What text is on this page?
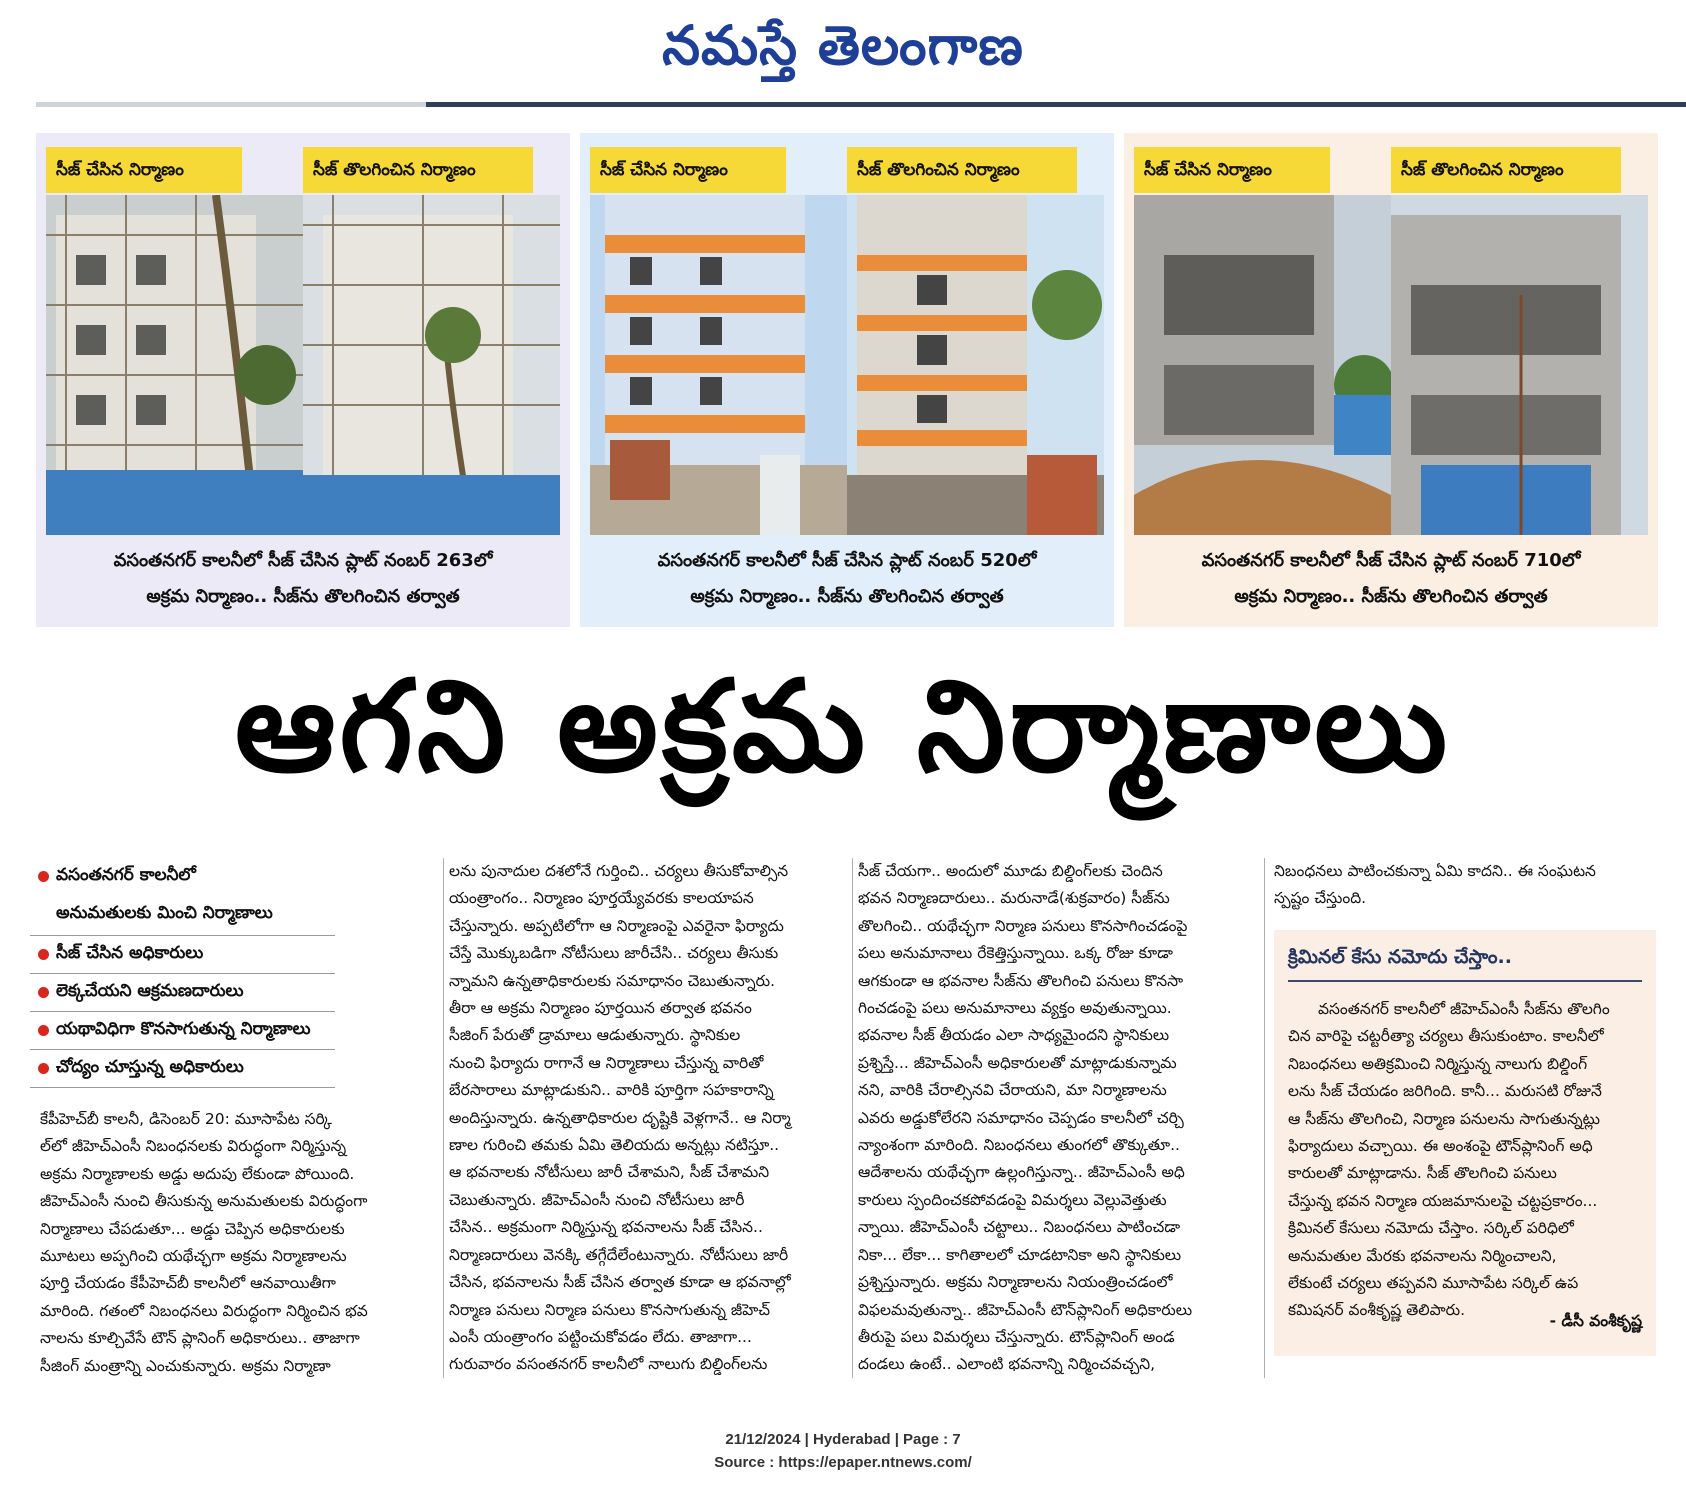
నమస్తే తెలంగాణ
సీజ్ చేసిన నిర్మాణం	సీజ్ తొలగించిన నిర్మాణం
వసంతనగర్ కాలనీలో సీజ్ చేసిన ప్లాట్ నంబర్ 263లో
అక్రమ నిర్మాణం.. సీజ్‌ను తొలగించిన తర్వాత
సీజ్ చేసిన నిర్మాణం	సీజ్ తొలగించిన నిర్మాణం
వసంతనగర్ కాలనీలో సీజ్ చేసిన ప్లాట్ నంబర్ 520లో
అక్రమ నిర్మాణం.. సీజ్‌ను తొలగించిన తర్వాత
సీజ్ చేసిన నిర్మాణం	సీజ్ తొలగించిన నిర్మాణం
వసంతనగర్ కాలనీలో సీజ్ చేసిన ప్లాట్ నంబర్ 710లో
అక్రమ నిర్మాణం.. సీజ్‌ను తొలగించిన తర్వాత
ఆగని అక్రమ నిర్మాణాలు
వసంతనగర్ కాలనీలో
అనుమతులకు మించి నిర్మాణాలు
సీజ్ చేసిన అధికారులు
లెక్కచేయని ఆక్రమణదారులు
యథావిధిగా కొనసాగుతున్న నిర్మాణాలు
చోద్యం చూస్తున్న అధికారులు
కేపీహెచ్‌బీ కాలనీ, డిసెంబర్ 20: మూసాపేట సర్కి
ల్‌లో జీహెచ్ఎంసీ నిబంధనలకు విరుద్ధంగా నిర్మిస్తున్న
అక్రమ నిర్మాణాలకు అడ్డు అదుపు లేకుండా పోయింది.
జీహెచ్ఎంసీ నుంచి తీసుకున్న అనుమతులకు విరుద్ధంగా
నిర్మాణాలు చేపడుతూ... అడ్డు చెప్పిన అధికారులకు
మూటలు అప్పగించి యథేచ్ఛగా అక్రమ నిర్మాణాలను
పూర్తి చేయడం కేపీహెచ్‌బీ కాలనీలో ఆనవాయితీగా
మారింది. గతంలో నిబంధనలు విరుద్ధంగా నిర్మించిన భవ
నాలను కూల్చివేసే టౌన్ ప్లానింగ్ అధికారులు.. తాజాగా
సీజింగ్ మంత్రాన్ని ఎంచుకున్నారు. అక్రమ నిర్మాణా
లను పునాదుల దశలోనే గుర్తించి.. చర్యలు తీసుకోవాల్సిన
యంత్రాంగం.. నిర్మాణం పూర్తయ్యేవరకు కాలయాపన
చేస్తున్నారు. అప్పటిలోగా ఆ నిర్మాణంపై ఎవరైనా ఫిర్యాదు
చేస్తే మొక్కుబడిగా నోటీసులు జారీచేసి.. చర్యలు తీసుకు
న్నామని ఉన్నతాధికారులకు సమాధానం చెబుతున్నారు.
తీరా ఆ అక్రమ నిర్మాణం పూర్తయిన తర్వాత భవనం
సీజింగ్ పేరుతో డ్రామాలు ఆడుతున్నారు. స్థానికుల
నుంచి ఫిర్యాదు రాగానే ఆ నిర్మాణాలు చేస్తున్న వారితో
బేరసారాలు మాట్లాడుకుని.. వారికి పూర్తిగా సహకారాన్ని
అందిస్తున్నారు. ఉన్నతాధికారుల దృష్టికి వెళ్లగానే.. ఆ నిర్మా
ణాల గురించి తమకు ఏమి తెలియదు అన్నట్లు నటిస్తూ..
ఆ భవనాలకు నోటీసులు జారీ చేశామని, సీజ్ చేశామని
చెబుతున్నారు. జీహెచ్ఎంసీ నుంచి నోటీసులు జారీ
చేసిన.. అక్రమంగా నిర్మిస్తున్న భవనాలను సీజ్ చేసిన..
నిర్మాణదారులు వెనక్కి తగ్గేదేలేంటున్నారు. నోటీసులు జారీ
చేసిన, భవనాలను సీజ్ చేసిన తర్వాత కూడా ఆ భవనాల్లో
నిర్మాణ పనులు నిర్మాణ పనులు కొనసాగుతున్న జీహెచ్
ఎంసీ యంత్రాంగం పట్టించుకోవడం లేదు. తాజాగా...
గురువారం వసంతనగర్ కాలనీలో నాలుగు బిల్డింగ్‌లను
సీజ్ చేయగా.. అందులో మూడు బిల్డింగ్‌లకు చెందిన
భవన నిర్మాణదారులు.. మరునాడే(శుక్రవారం) సీజ్‌ను
తొలగించి.. యథేచ్ఛగా నిర్మాణ పనులు కొనసాగించడంపై
పలు అనుమానాలు రేకెత్తిస్తున్నాయి. ఒక్క రోజు కూడా
ఆగకుండా ఆ భవనాల సీజ్‌ను తొలగించి పనులు కొనసా
గించడంపై పలు అనుమానాలు వ్యక్తం అవుతున్నాయి.
భవనాల సీజ్ తీయడం ఎలా సాధ్యమైందని స్థానికులు
ప్రశ్నిస్తే... జీహెచ్ఎంసీ అధికారులతో మాట్లాడుకున్నామ
నని, వారికి చేరాల్సినవి చేరాయని, మా నిర్మాణాలను
ఎవరు అడ్డుకోలేరని సమాధానం చెప్పడం కాలనీలో చర్చి
న్యాంశంగా మారింది. నిబంధనలు తుంగలో తొక్కుతూ..
ఆదేశాలను యథేచ్ఛగా ఉల్లంగిస్తున్నా.. జీహెచ్ఎంసీ అధి
కారులు స్పందించకపోవడంపై విమర్శలు వెల్లువెత్తుతు
న్నాయి. జీహెచ్ఎంసీ చట్టాలు.. నిబంధనలు పాటించడా
నికా... లేకా... కాగితాలలో చూడటానికా అని స్థానికులు
ప్రశ్నిస్తున్నారు. అక్రమ నిర్మాణాలను నియంత్రించడంలో
విఫలమవుతున్నా.. జీహెచ్ఎంసీ టౌన్‌ప్లానింగ్ అధికారులు
తీరుపై పలు విమర్శలు చేస్తున్నారు. టౌన్‌ప్లానింగ్ అండ
దండలు ఉంటే.. ఎలాంటి భవనాన్ని నిర్మించవచ్చని,
నిబంధనలు పాటించకున్నా ఏమి కాదని.. ఈ సంఘటన
స్పష్టం చేస్తుంది.
క్రిమినల్ కేసు నమోదు చేస్తాం..
వసంతనగర్ కాలనీలో జీహెచ్ఎంసీ సీజ్‌ను తొలగిం
చిన వారిపై చట్టరీత్యా చర్యలు తీసుకుంటాం. కాలనీలో
నిబంధనలు అతిక్రమించి నిర్మిస్తున్న నాలుగు బిల్డింగ్
లను సీజ్ చేయడం జరిగింది. కానీ... మరుసటి రోజునే
ఆ సీజ్‌ను తొలగించి, నిర్మాణ పనులను సాగుతున్నట్లు
ఫిర్యాదులు వచ్చాయి. ఈ అంశంపై టౌన్‌ప్లానింగ్ అధి
కారులతో మాట్లాడాను. సీజ్ తొలగించి పనులు
చేస్తున్న భవన నిర్మాణ యజమానులపై చట్టప్రకారం...
క్రిమినల్ కేసులు నమోదు చేస్తాం. సర్కిల్ పరిధిలో
అనుమతుల మేరకు భవనాలను నిర్మించాలని,
లేకుంటే చర్యలు తప్పవని మూసాపేట సర్కిల్ ఉప
కమిషనర్ వంశీకృష్ణ తెలిపారు.
- డీసీ వంశీకృష్ణ
21/12/2024 | Hyderabad | Page : 7
Source : https://epaper.ntnews.com/
